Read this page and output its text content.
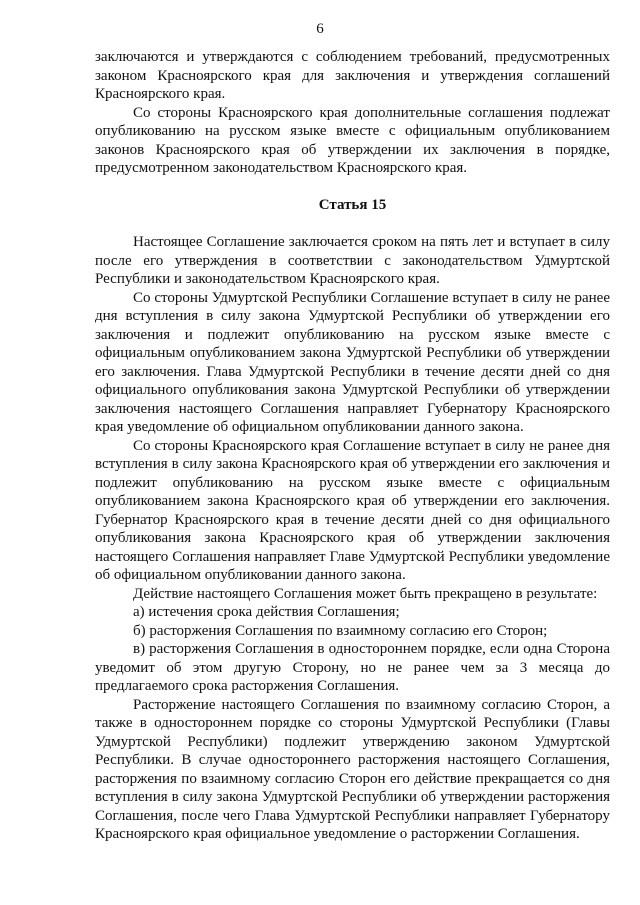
6

заключаются и утверждаются с соблюдением требований, предусмотренных законом Красноярского края для заключения и утверждения соглашений Красноярского края.

Со стороны Красноярского края дополнительные соглашения подлежат опубликованию на русском языке вместе с официальным опубликованием законов Красноярского края об утверждении их заключения в порядке, предусмотренном законодательством Красноярского края.

Статья 15

Настоящее Соглашение заключается сроком на пять лет и вступает в силу после его утверждения в соответствии с законодательством Удмуртской Республики и законодательством Красноярского края.

Со стороны Удмуртской Республики Соглашение вступает в силу не ранее дня вступления в силу закона Удмуртской Республики об утверждении его заключения и подлежит опубликованию на русском языке вместе с официальным опубликованием закона Удмуртской Республики об утверждении его заключения. Глава Удмуртской Республики в течение десяти дней со дня официального опубликования закона Удмуртской Республики об утверждении заключения настоящего Соглашения направляет Губернатору Красноярского края уведомление об официальном опубликовании данного закона.

Со стороны Красноярского края Соглашение вступает в силу не ранее дня вступления в силу закона Красноярского края об утверждении его заключения и подлежит опубликованию на русском языке вместе с официальным опубликованием закона Красноярского края об утверждении его заключения. Губернатор Красноярского края в течение десяти дней со дня официального опубликования закона Красноярского края об утверждении заключения настоящего Соглашения направляет Главе Удмуртской Республики уведомление об официальном опубликовании данного закона.

Действие настоящего Соглашения может быть прекращено в результате:

а) истечения срока действия Соглашения;

б) расторжения Соглашения по взаимному согласию его Сторон;

в) расторжения Соглашения в одностороннем порядке, если одна Сторона уведомит об этом другую Сторону, но не ранее чем за 3 месяца до предлагаемого срока расторжения Соглашения.

Расторжение настоящего Соглашения по взаимному согласию Сторон, а также в одностороннем порядке со стороны Удмуртской Республики (Главы Удмуртской Республики) подлежит утверждению законом Удмуртской Республики. В случае одностороннего расторжения настоящего Соглашения, расторжения по взаимному согласию Сторон его действие прекращается со дня вступления в силу закона Удмуртской Республики об утверждении расторжения Соглашения, после чего Глава Удмуртской Республики направляет Губернатору Красноярского края официальное уведомление о расторжении Соглашения.
